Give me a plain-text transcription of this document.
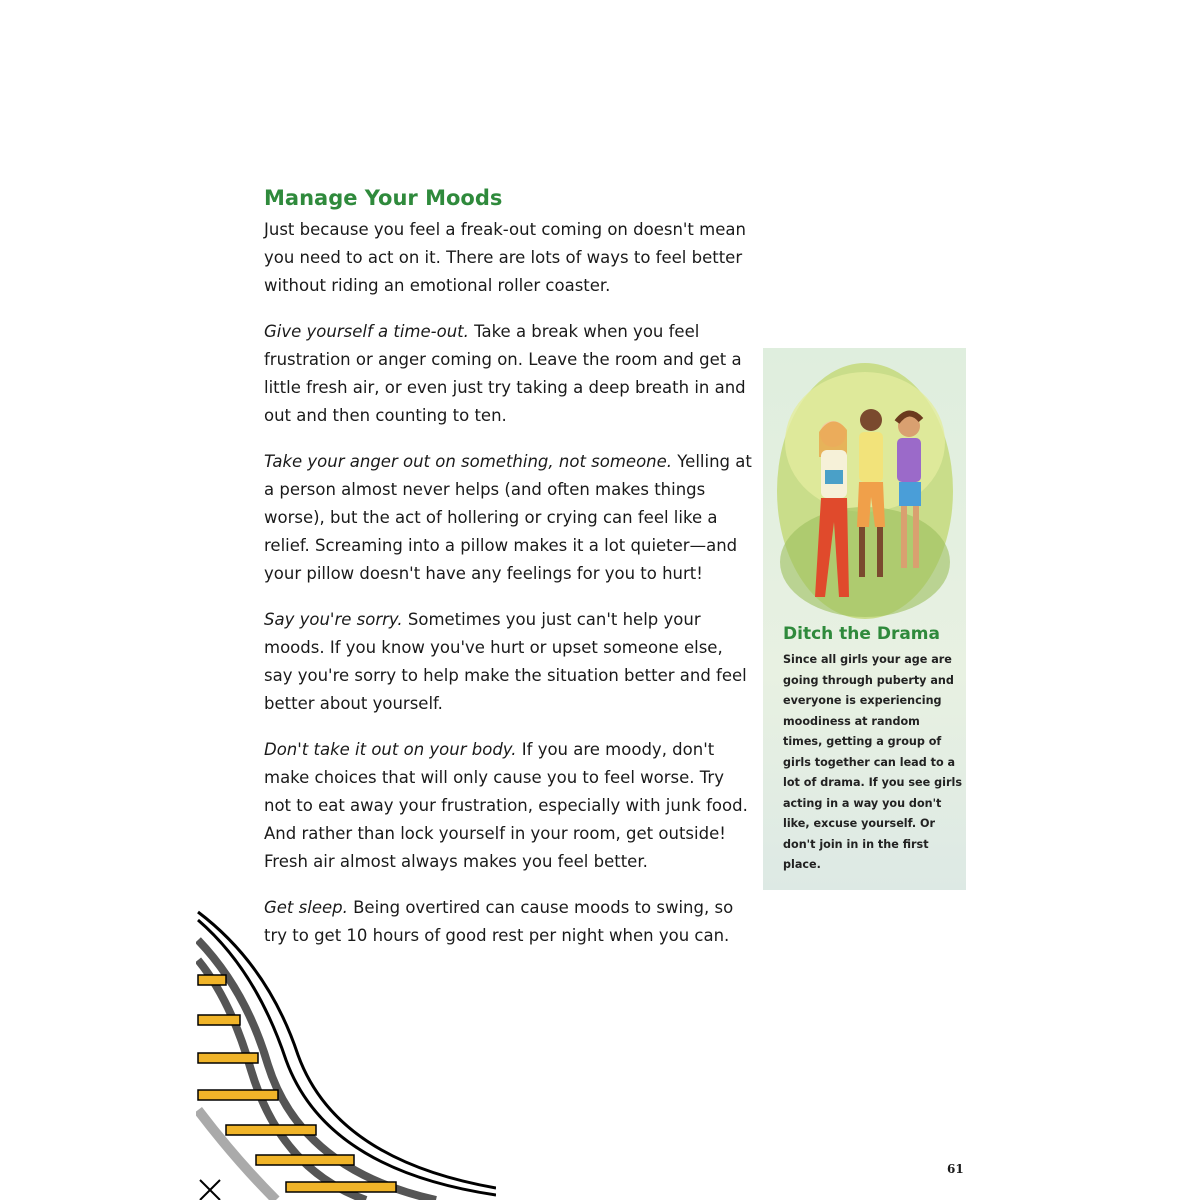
Manage Your Moods

Just because you feel a freak-out coming on doesn't mean you need to act on it. There are lots of ways to feel better without riding an emotional roller coaster.

Give yourself a time-out. Take a break when you feel frustration or anger coming on. Leave the room and get a little fresh air, or even just try taking a deep breath in and out and then counting to ten.

Take your anger out on something, not someone. Yelling at a person almost never helps (and often makes things worse), but the act of hollering or crying can feel like a relief. Screaming into a pillow makes it a lot quieter—and your pillow doesn't have any feelings for you to hurt!

Say you're sorry. Sometimes you just can't help your moods. If you know you've hurt or upset someone else, say you're sorry to help make the situation better and feel better about yourself.

Don't take it out on your body. If you are moody, don't make choices that will only cause you to feel worse. Try not to eat away your frustration, especially with junk food. And rather than lock yourself in your room, get outside! Fresh air almost always makes you feel better.

Get sleep. Being overtired can cause moods to swing, so try to get 10 hours of good rest per night when you can.

Ditch the Drama
Since all girls your age are going through puberty and everyone is experiencing moodiness at random times, getting a group of girls together can lead to a lot of drama. If you see girls acting in a way you don't like, excuse yourself. Or don't join in in the first place.
61
